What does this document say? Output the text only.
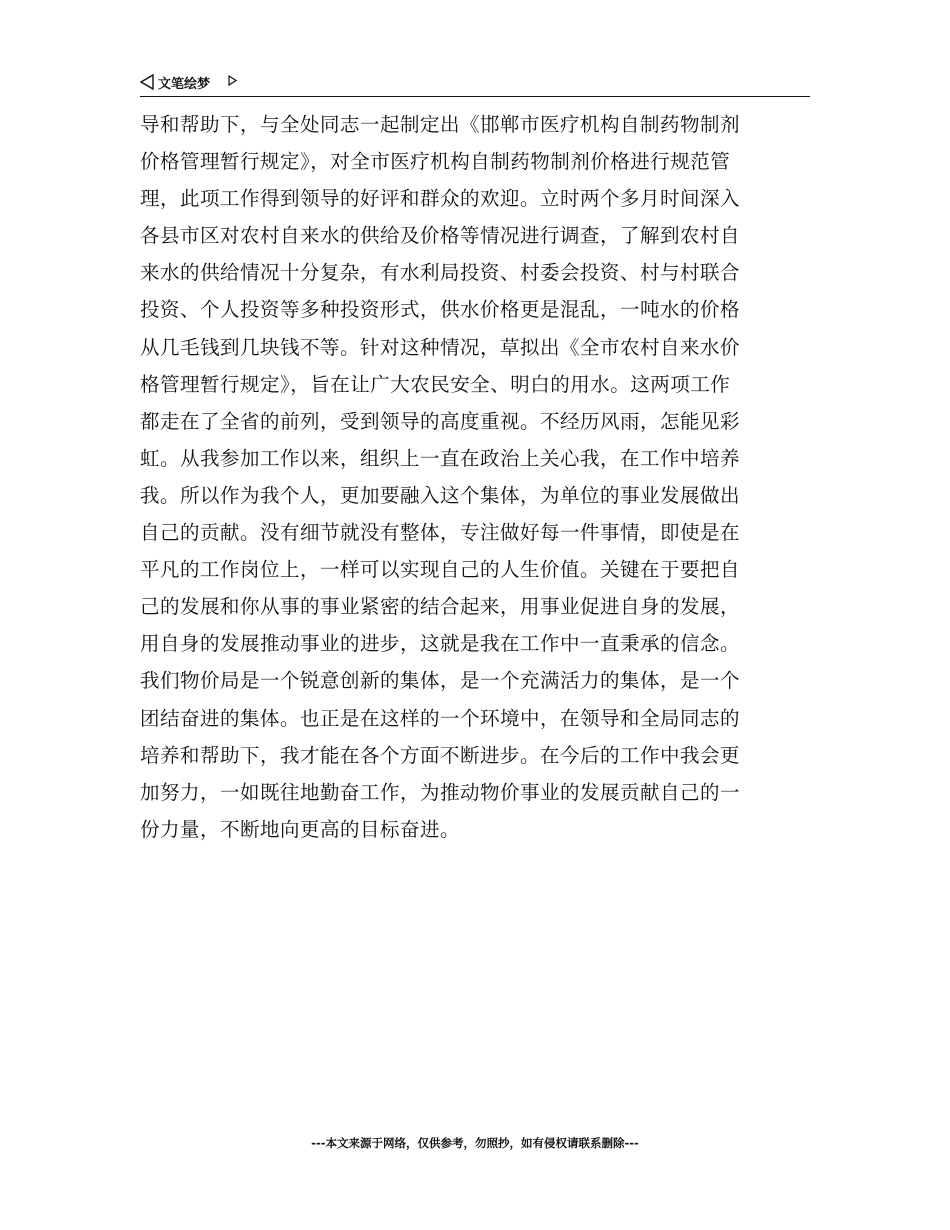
文笔绘梦
导和帮助下，与全处同志一起制定出《邯郸市医疗机构自制药物制剂
价格管理暂行规定》，对全市医疗机构自制药物制剂价格进行规范管
理，此项工作得到领导的好评和群众的欢迎。立时两个多月时间深入
各县市区对农村自来水的供给及价格等情况进行调查，了解到农村自
来水的供给情况十分复杂，有水利局投资、村委会投资、村与村联合
投资、个人投资等多种投资形式，供水价格更是混乱，一吨水的价格
从几毛钱到几块钱不等。针对这种情况，草拟出《全市农村自来水价
格管理暂行规定》，旨在让广大农民安全、明白的用水。这两项工作
都走在了全省的前列，受到领导的高度重视。不经历风雨，怎能见彩
虹。从我参加工作以来，组织上一直在政治上关心我，在工作中培养
我。所以作为我个人，更加要融入这个集体，为单位的事业发展做出
自己的贡献。没有细节就没有整体，专注做好每一件事情，即使是在
平凡的工作岗位上，一样可以实现自己的人生价值。关键在于要把自
己的发展和你从事的事业紧密的结合起来，用事业促进自身的发展，
用自身的发展推动事业的进步，这就是我在工作中一直秉承的信念。
我们物价局是一个锐意创新的集体，是一个充满活力的集体，是一个
团结奋进的集体。也正是在这样的一个环境中，在领导和全局同志的
培养和帮助下，我才能在各个方面不断进步。在今后的工作中我会更
加努力，一如既往地勤奋工作，为推动物价事业的发展贡献自己的一
份力量，不断地向更高的目标奋进。
---本文来源于网络，仅供参考，勿照抄，如有侵权请联系删除---
